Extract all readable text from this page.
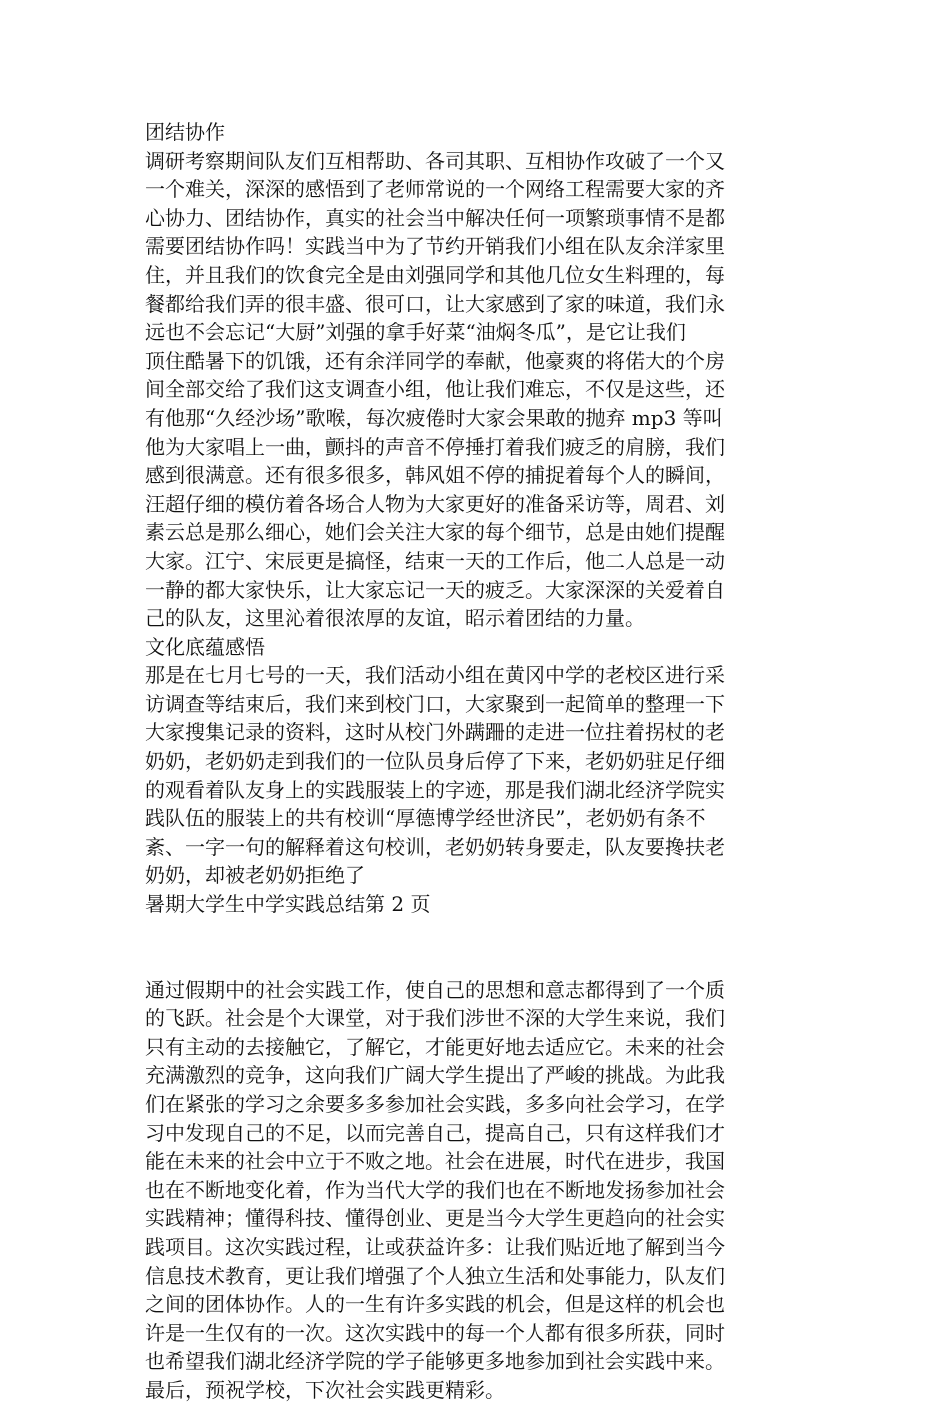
团结协作
调研考察期间队友们互相帮助、各司其职、互相协作攻破了一个又
一个难关，深深的感悟到了老师常说的一个网络工程需要大家的齐
心协力、团结协作，真实的社会当中解决任何一项繁琐事情不是都
需要团结协作吗！实践当中为了节约开销我们小组在队友余洋家里
住，并且我们的饮食完全是由刘强同学和其他几位女生料理的，每
餐都给我们弄的很丰盛、很可口，让大家感到了家的味道，我们永
远也不会忘记“大厨”刘强的拿手好菜“油焖冬瓜”，是它让我们
顶住酷暑下的饥饿，还有余洋同学的奉献，他豪爽的将偌大的个房
间全部交给了我们这支调查小组，他让我们难忘，不仅是这些，还
有他那“久经沙场”歌喉，每次疲倦时大家会果敢的抛弃 mp3 等叫
他为大家唱上一曲，颤抖的声音不停捶打着我们疲乏的肩膀，我们
感到很满意。还有很多很多，韩风姐不停的捕捉着每个人的瞬间，
汪超仔细的模仿着各场合人物为大家更好的准备采访等，周君、刘
素云总是那么细心，她们会关注大家的每个细节，总是由她们提醒
大家。江宁、宋辰更是搞怪，结束一天的工作后，他二人总是一动
一静的都大家快乐，让大家忘记一天的疲乏。大家深深的关爱着自
己的队友，这里沁着很浓厚的友谊，昭示着团结的力量。
文化底蕴感悟
那是在七月七号的一天，我们活动小组在黄冈中学的老校区进行采
访调查等结束后，我们来到校门口，大家聚到一起简单的整理一下
大家搜集记录的资料，这时从校门外蹒跚的走进一位拄着拐杖的老
奶奶，老奶奶走到我们的一位队员身后停了下来，老奶奶驻足仔细
的观看着队友身上的实践服装上的字迹，那是我们湖北经济学院实
践队伍的服装上的共有校训“厚德博学经世济民”，老奶奶有条不
紊、一字一句的解释着这句校训，老奶奶转身要走，队友要搀扶老
奶奶，却被老奶奶拒绝了
暑期大学生中学实践总结第 2 页
通过假期中的社会实践工作，使自己的思想和意志都得到了一个质
的飞跃。社会是个大课堂，对于我们涉世不深的大学生来说，我们
只有主动的去接触它，了解它，才能更好地去适应它。未来的社会
充满激烈的竞争，这向我们广阔大学生提出了严峻的挑战。为此我
们在紧张的学习之余要多多参加社会实践，多多向社会学习，在学
习中发现自己的不足，以而完善自己，提高自己，只有这样我们才
能在未来的社会中立于不败之地。社会在进展，时代在进步，我国
也在不断地变化着，作为当代大学的我们也在不断地发扬参加社会
实践精神；懂得科技、懂得创业、更是当今大学生更趋向的社会实
践项目。这次实践过程，让或获益许多：让我们贴近地了解到当今
信息技术教育，更让我们增强了个人独立生活和处事能力，队友们
之间的团体协作。人的一生有许多实践的机会，但是这样的机会也
许是一生仅有的一次。这次实践中的每一个人都有很多所获，同时
也希望我们湖北经济学院的学子能够更多地参加到社会实践中来。
最后，预祝学校，下次社会实践更精彩。
